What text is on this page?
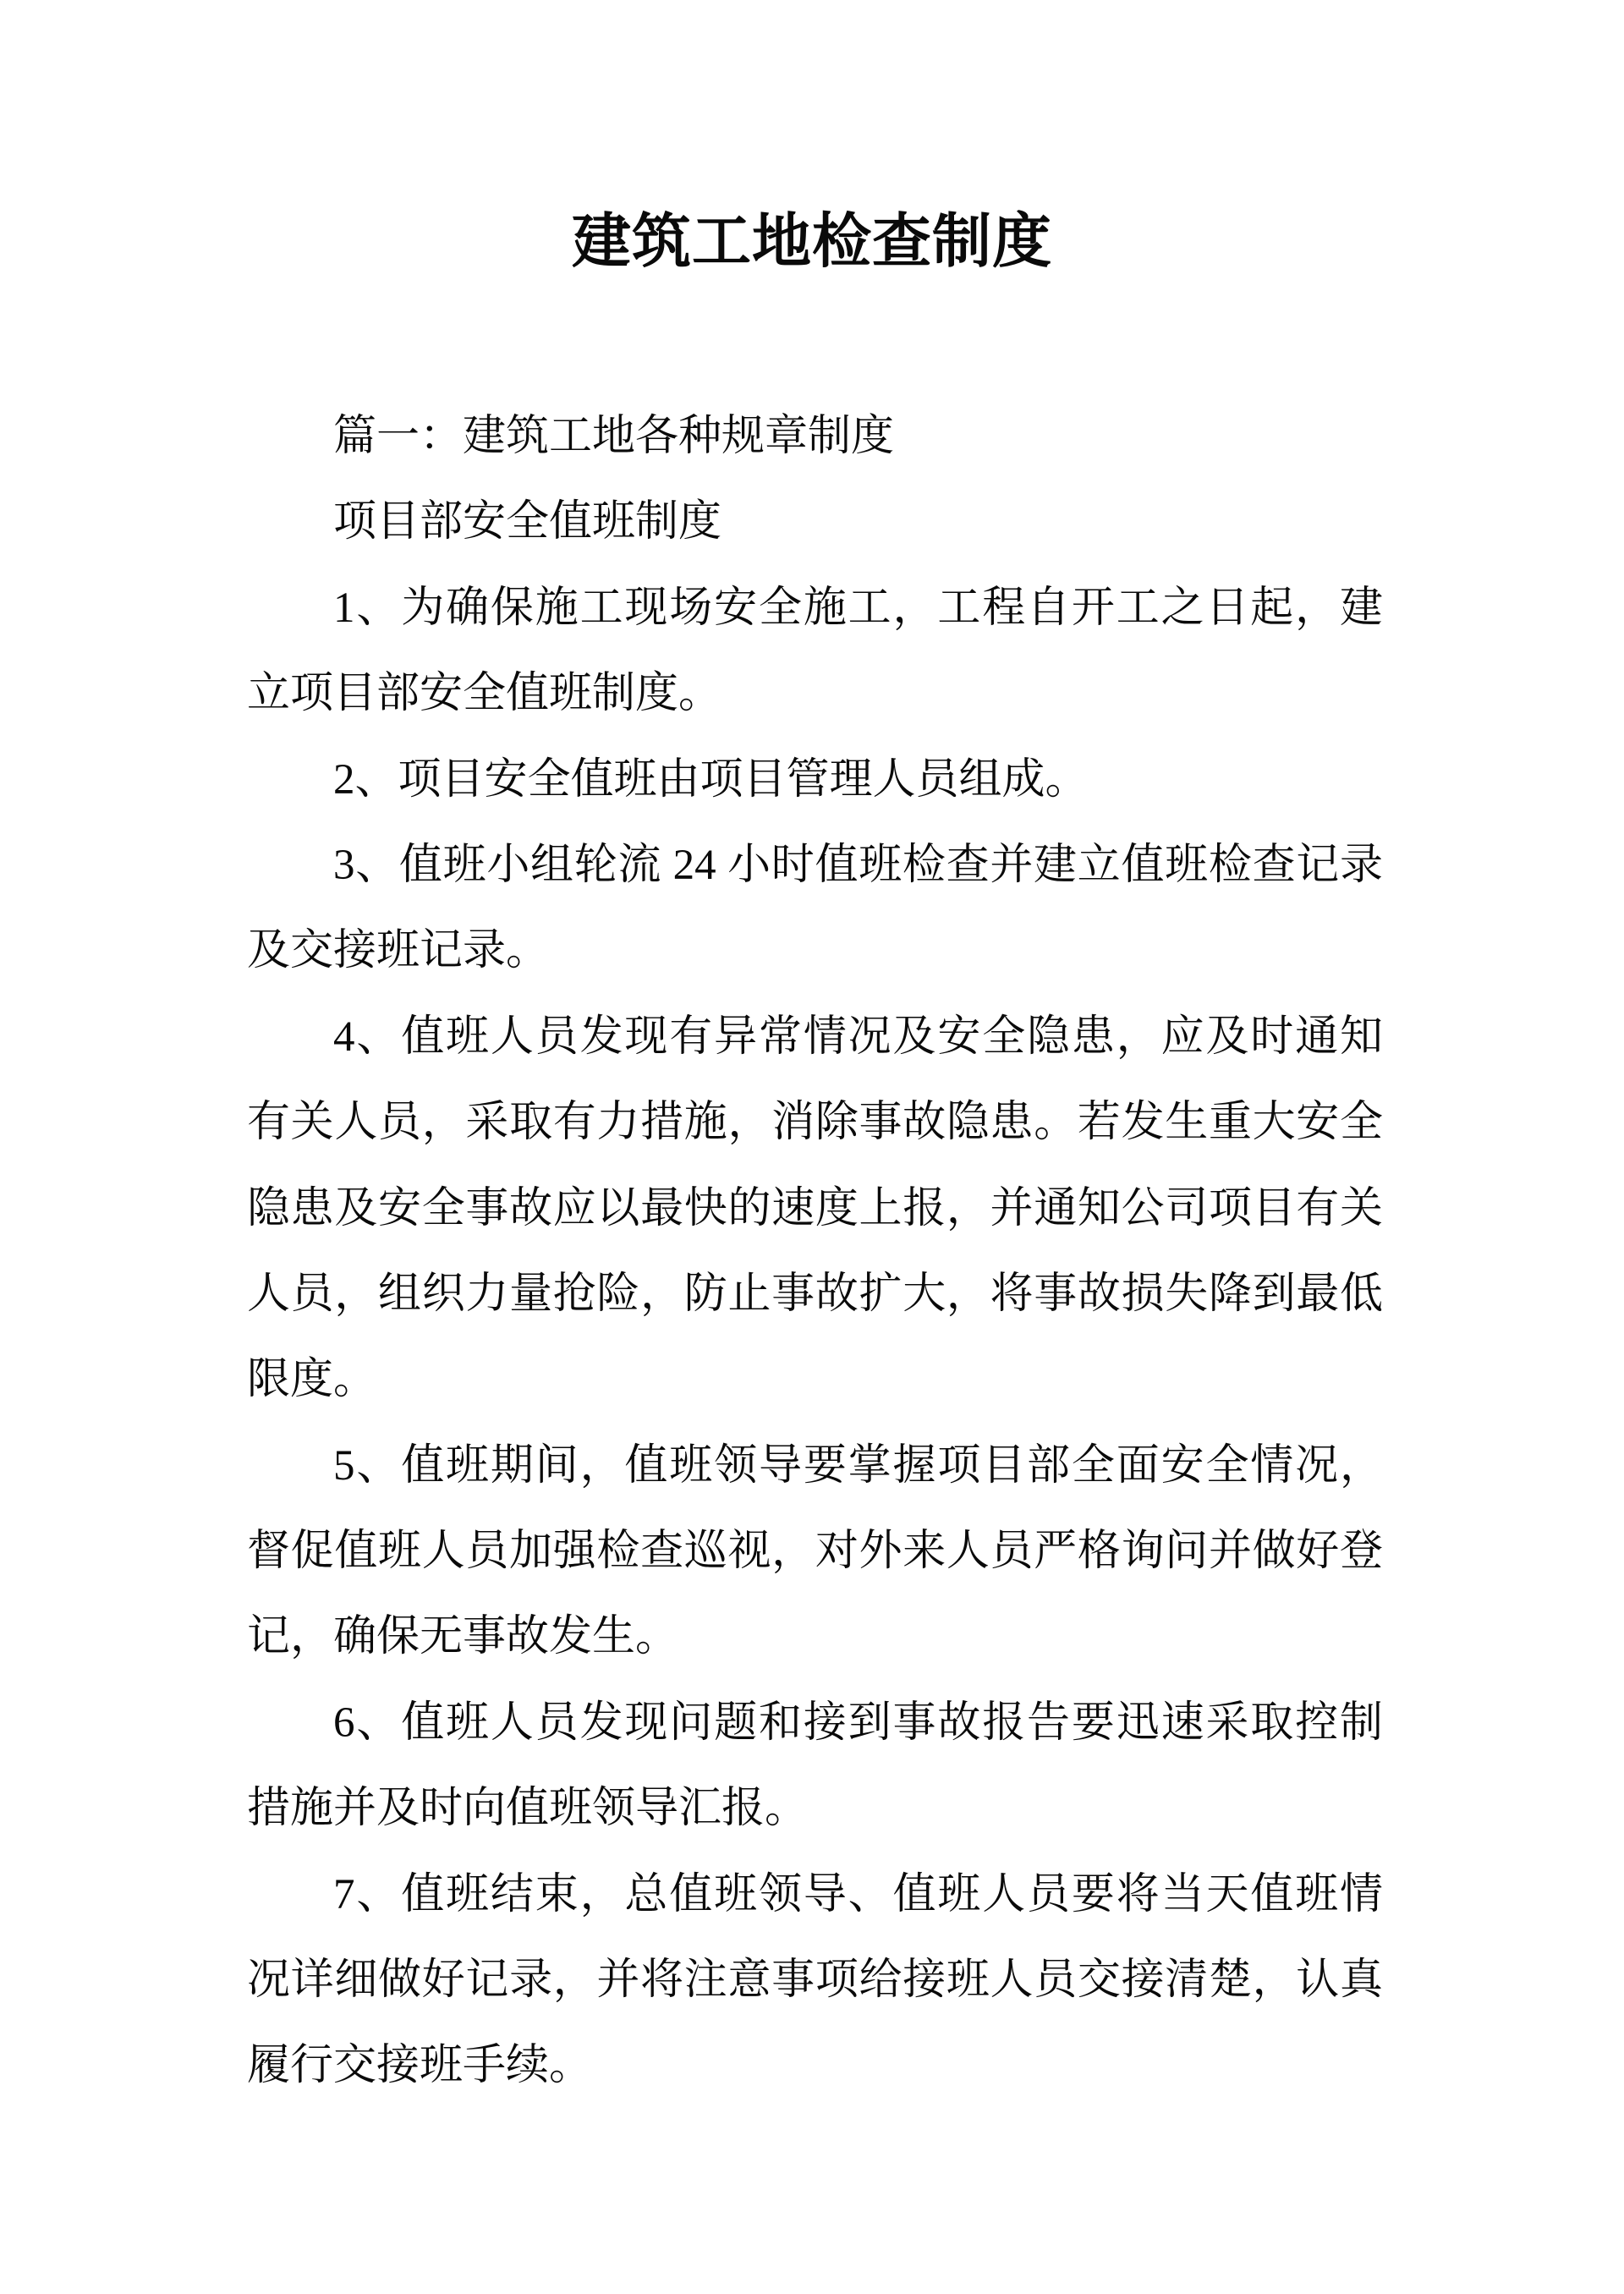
建筑工地检查制度
篇一：建筑工地各种规章制度
项目部安全值班制度
1、为确保施工现场安全施工，工程自开工之日起，建
立项目部安全值班制度。
2、项目安全值班由项目管理人员组成。
3、值班小组轮流 24 小时值班检查并建立值班检查记录
及交接班记录。
4、值班人员发现有异常情况及安全隐患，应及时通知
有关人员，采取有力措施，消除事故隐患。若发生重大安全
隐患及安全事故应以最快的速度上报，并通知公司项目有关
人员，组织力量抢险，防止事故扩大，将事故损失降到最低
限度。
5、值班期间，值班领导要掌握项目部全面安全情况，
督促值班人员加强检查巡视，对外来人员严格询问并做好登
记，确保无事故发生。
6、值班人员发现问题和接到事故报告要迅速采取控制
措施并及时向值班领导汇报。
7、值班结束，总值班领导、值班人员要将当天值班情
况详细做好记录，并将注意事项给接班人员交接清楚，认真
履行交接班手续。
